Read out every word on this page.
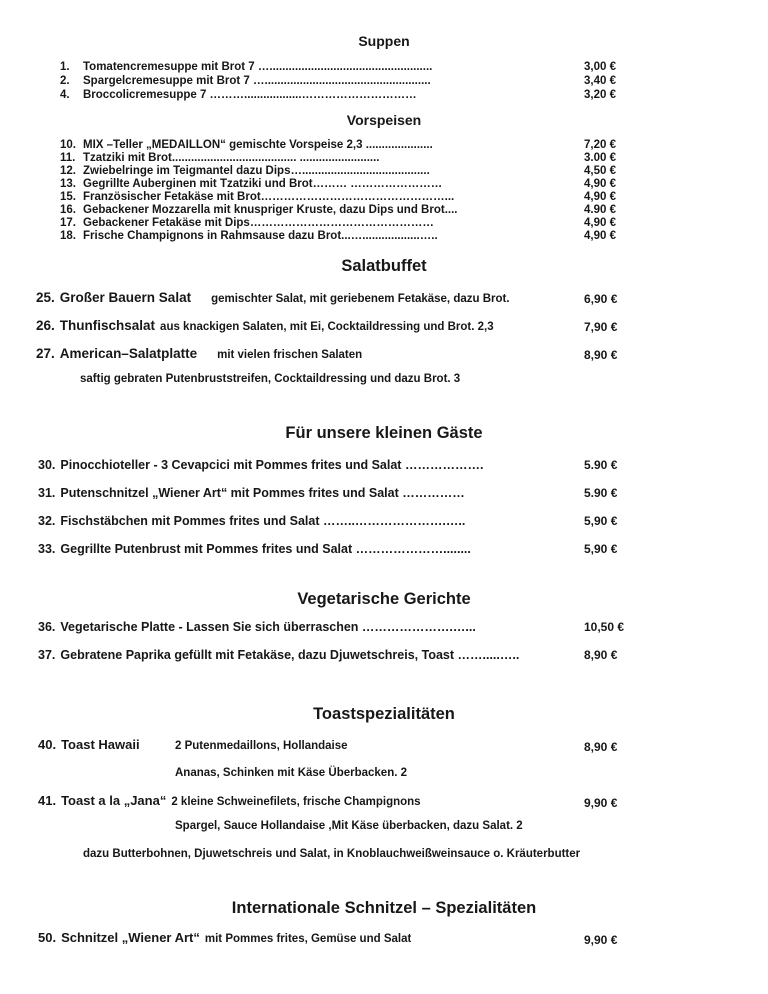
Suppen
1. Tomatencremesuppe mit Brot 7 …...................................................	3,00 €
2. Spargelcremesuppe mit Brot 7 …....................................................	3,40 €
4. Broccolicremesuppe 7 ………..................…………………………	3,20 €
Vorspeisen
10. MIX –Teller „MEDAILLON“ gemischte Vorspeise 2,3 .....................	7,20 €
11. Tzatziki mit Brot....................................... .........................	3.00 €
12. Zwiebelringe im Teigmantel dazu Dips…........................................	4,50 €
13. Gegrillte Auberginen mit Tzatziki und Brot……… ……………………	4,90 €
15. Französischer Fetakäse mit Brot…………………………………………...	4,90 €
16. Gebackener Mozzarella mit knuspriger Kruste, dazu Dips und Brot....	4.90 €
17. Gebackener Fetakäse mit Dips…………………………………………	4,90 €
18. Frische Champignons in Rahmsause dazu Brot...…..................…..	4,90 €
Salatbuffet
25. Großer Bauern Salat gemischter Salat, mit geriebenem Fetakäse, dazu Brot.	6,90 €
26. Thunfischsalat aus knackigen Salaten, mit Ei, Cocktaildressing und Brot. 2,3	7,90 €
27. American–Salatplatte mit vielen frischen Salaten	8,90 €
saftig gebraten Putenbruststreifen, Cocktaildressing und dazu Brot. 3
Für unsere kleinen Gäste
30. Pinocchioteller - 3 Cevapcici mit Pommes frites und Salat ……………….	5.90 €
31. Putenschnitzel „Wiener Art“ mit Pommes frites und Salat ……………	5.90 €
32. Fischstäbchen mit Pommes frites und Salat ……..………………….…..	5,90 €
33. Gegrillte Putenbrust mit Pommes frites und Salat …………………........	5,90 €
Vegetarische Gerichte
36. Vegetarische Platte - Lassen Sie sich überraschen ………………….…...	10,50 €
37. Gebratene Paprika gefüllt mit Fetakäse, dazu Djuwetschreis, Toast …….....…..	8,90 €
Toastspezialitäten
40. Toast Hawaii	2 Putenmedaillons, Hollandaise	8,90 €
Ananas, Schinken mit Käse Überbacken. 2
41. Toast a la „Jana“ 2 kleine Schweinefilets, frische Champignons	9,90 €
Spargel, Sauce Hollandaise ,Mit Käse überbacken, dazu Salat. 2
dazu Butterbohnen, Djuwetschreis und Salat, in Knoblauchweißweinsauce o. Kräuterbutter
Internationale Schnitzel – Spezialitäten
50. Schnitzel „Wiener Art“ mit Pommes frites, Gemüse und Salat	9,90 €
